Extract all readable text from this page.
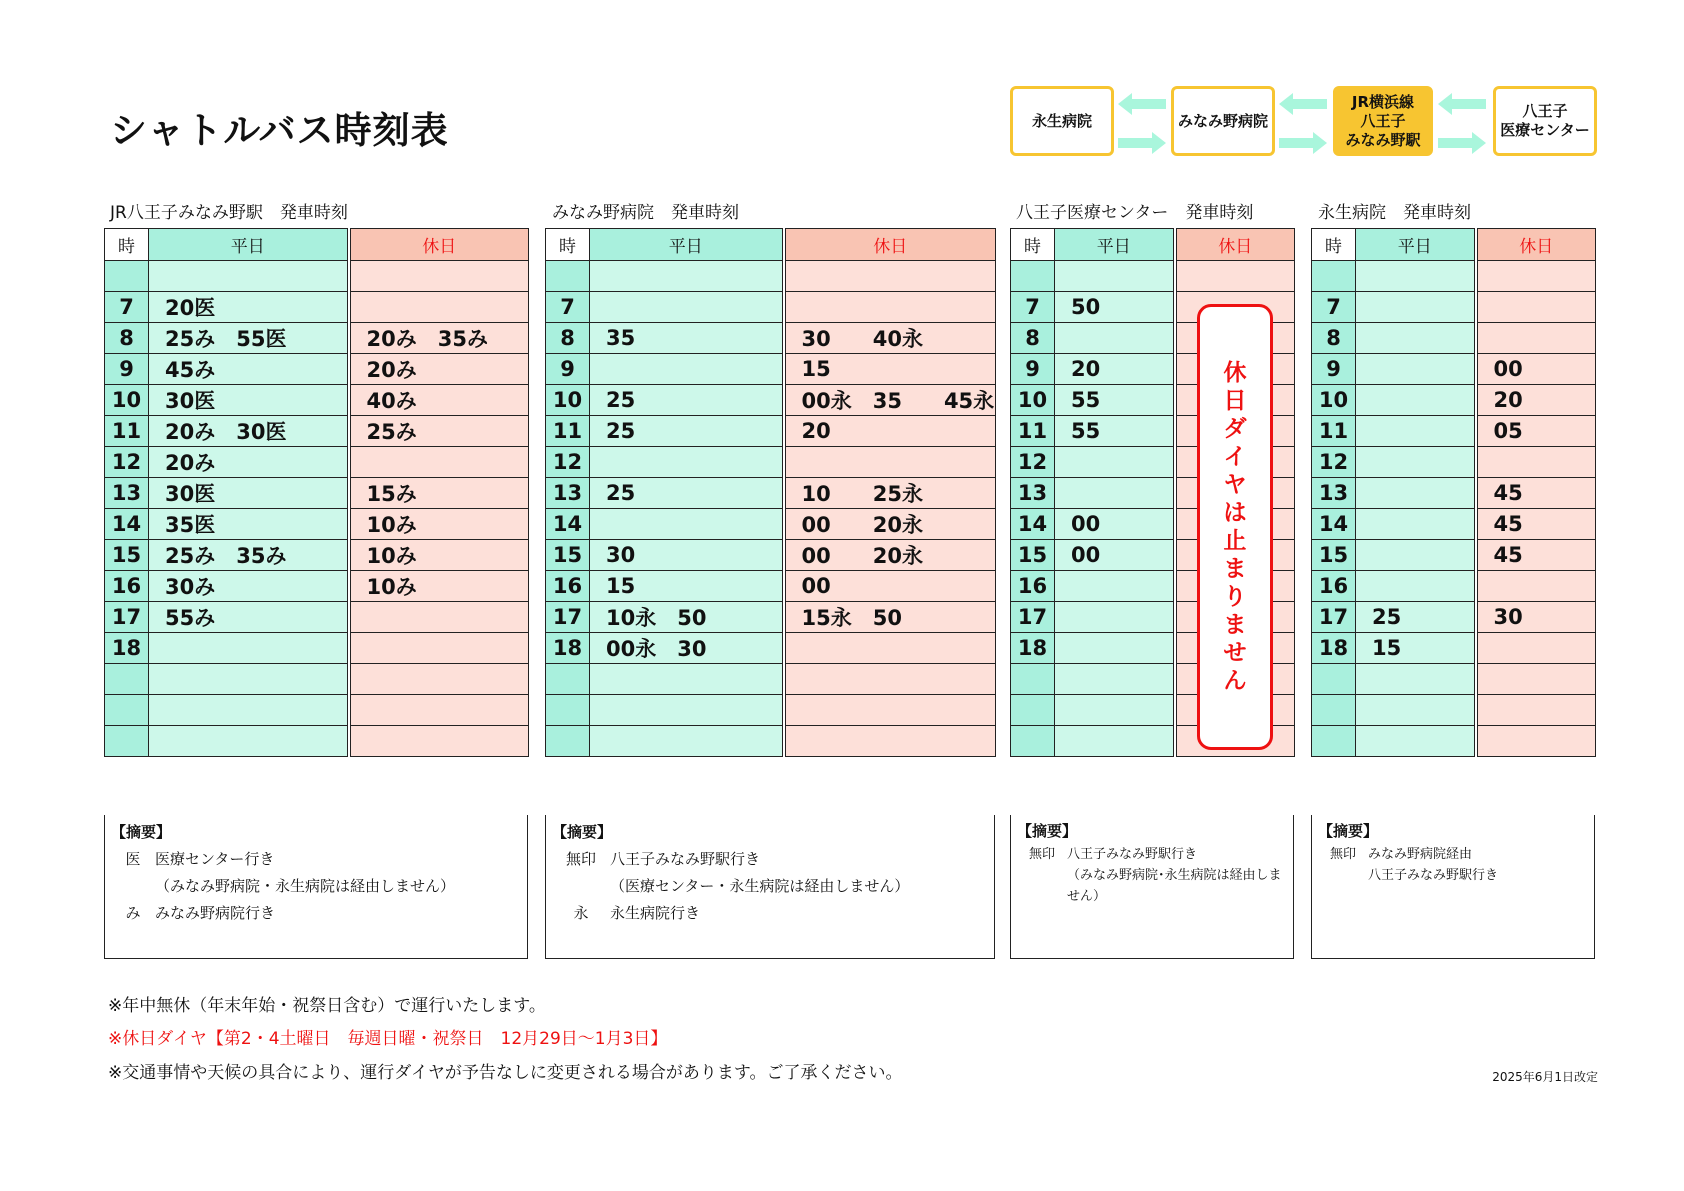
シャトルバス時刻表	永生病院	みなみ野病院
JR横浜線
八王子
みなみ野駅
八王子
医療センター
JR八王子みなみ野駅　発車時刻	みなみ野病院　発車時刻	八王子医療センター　発車時刻	永生病院　発車時刻
時	平日	休日

7	20医	
8	25み　55医	20み　35み
9	45み	20み
10	30医	40み
11	20み　30医	25み
12	20み	
13	30医	15み
14	35医	10み
15	25み　35み	10み
16	30み	10み
17	55み	
18		

時	平日	休日

7		
8	35	30　　40永
9		15
10	25	00永　35　　45永
11	25	20
12		
13	25	10　　25永
14		00　　20永
15	30	00　　20永
16	15	00
17	10永　50	15永　50
18	00永　30	

時	平日	休日

7	50	
8		
9	20	
10	55	
11	55	
12		
13		
14	00	
15	00	
16		
17		
18		

時	平日	休日

7		
8		
9		00
10		20
11		05
12		
13		45
14		45
15		45
16		
17	25	30
18	15	

【摘要】
医 医療センター行き
（みなみ野病院・永生病院は経由しません）
み みなみ野病院行き
【摘要】
無印 八王子みなみ野駅行き
（医療センター・永生病院は経由しません）
永	永生病院行き
【摘要】
無印 八王子みなみ野駅行き
（みなみ野病院･永生病院は経由しません）
【摘要】
無印 みなみ野病院経由
八王子みなみ野駅行き
休
日
ダ
イ
ヤ
は
止
ま
り
ま
せ
ん
※年中無休（年末年始・祝祭日含む）で運行いたします。
※休日ダイヤ【第2・4土曜日　毎週日曜・祝祭日　12月29日～1月3日】
※交通事情や天候の具合により、運行ダイヤが予告なしに変更される場合があります。ご了承ください。	2025年6月1日改定
